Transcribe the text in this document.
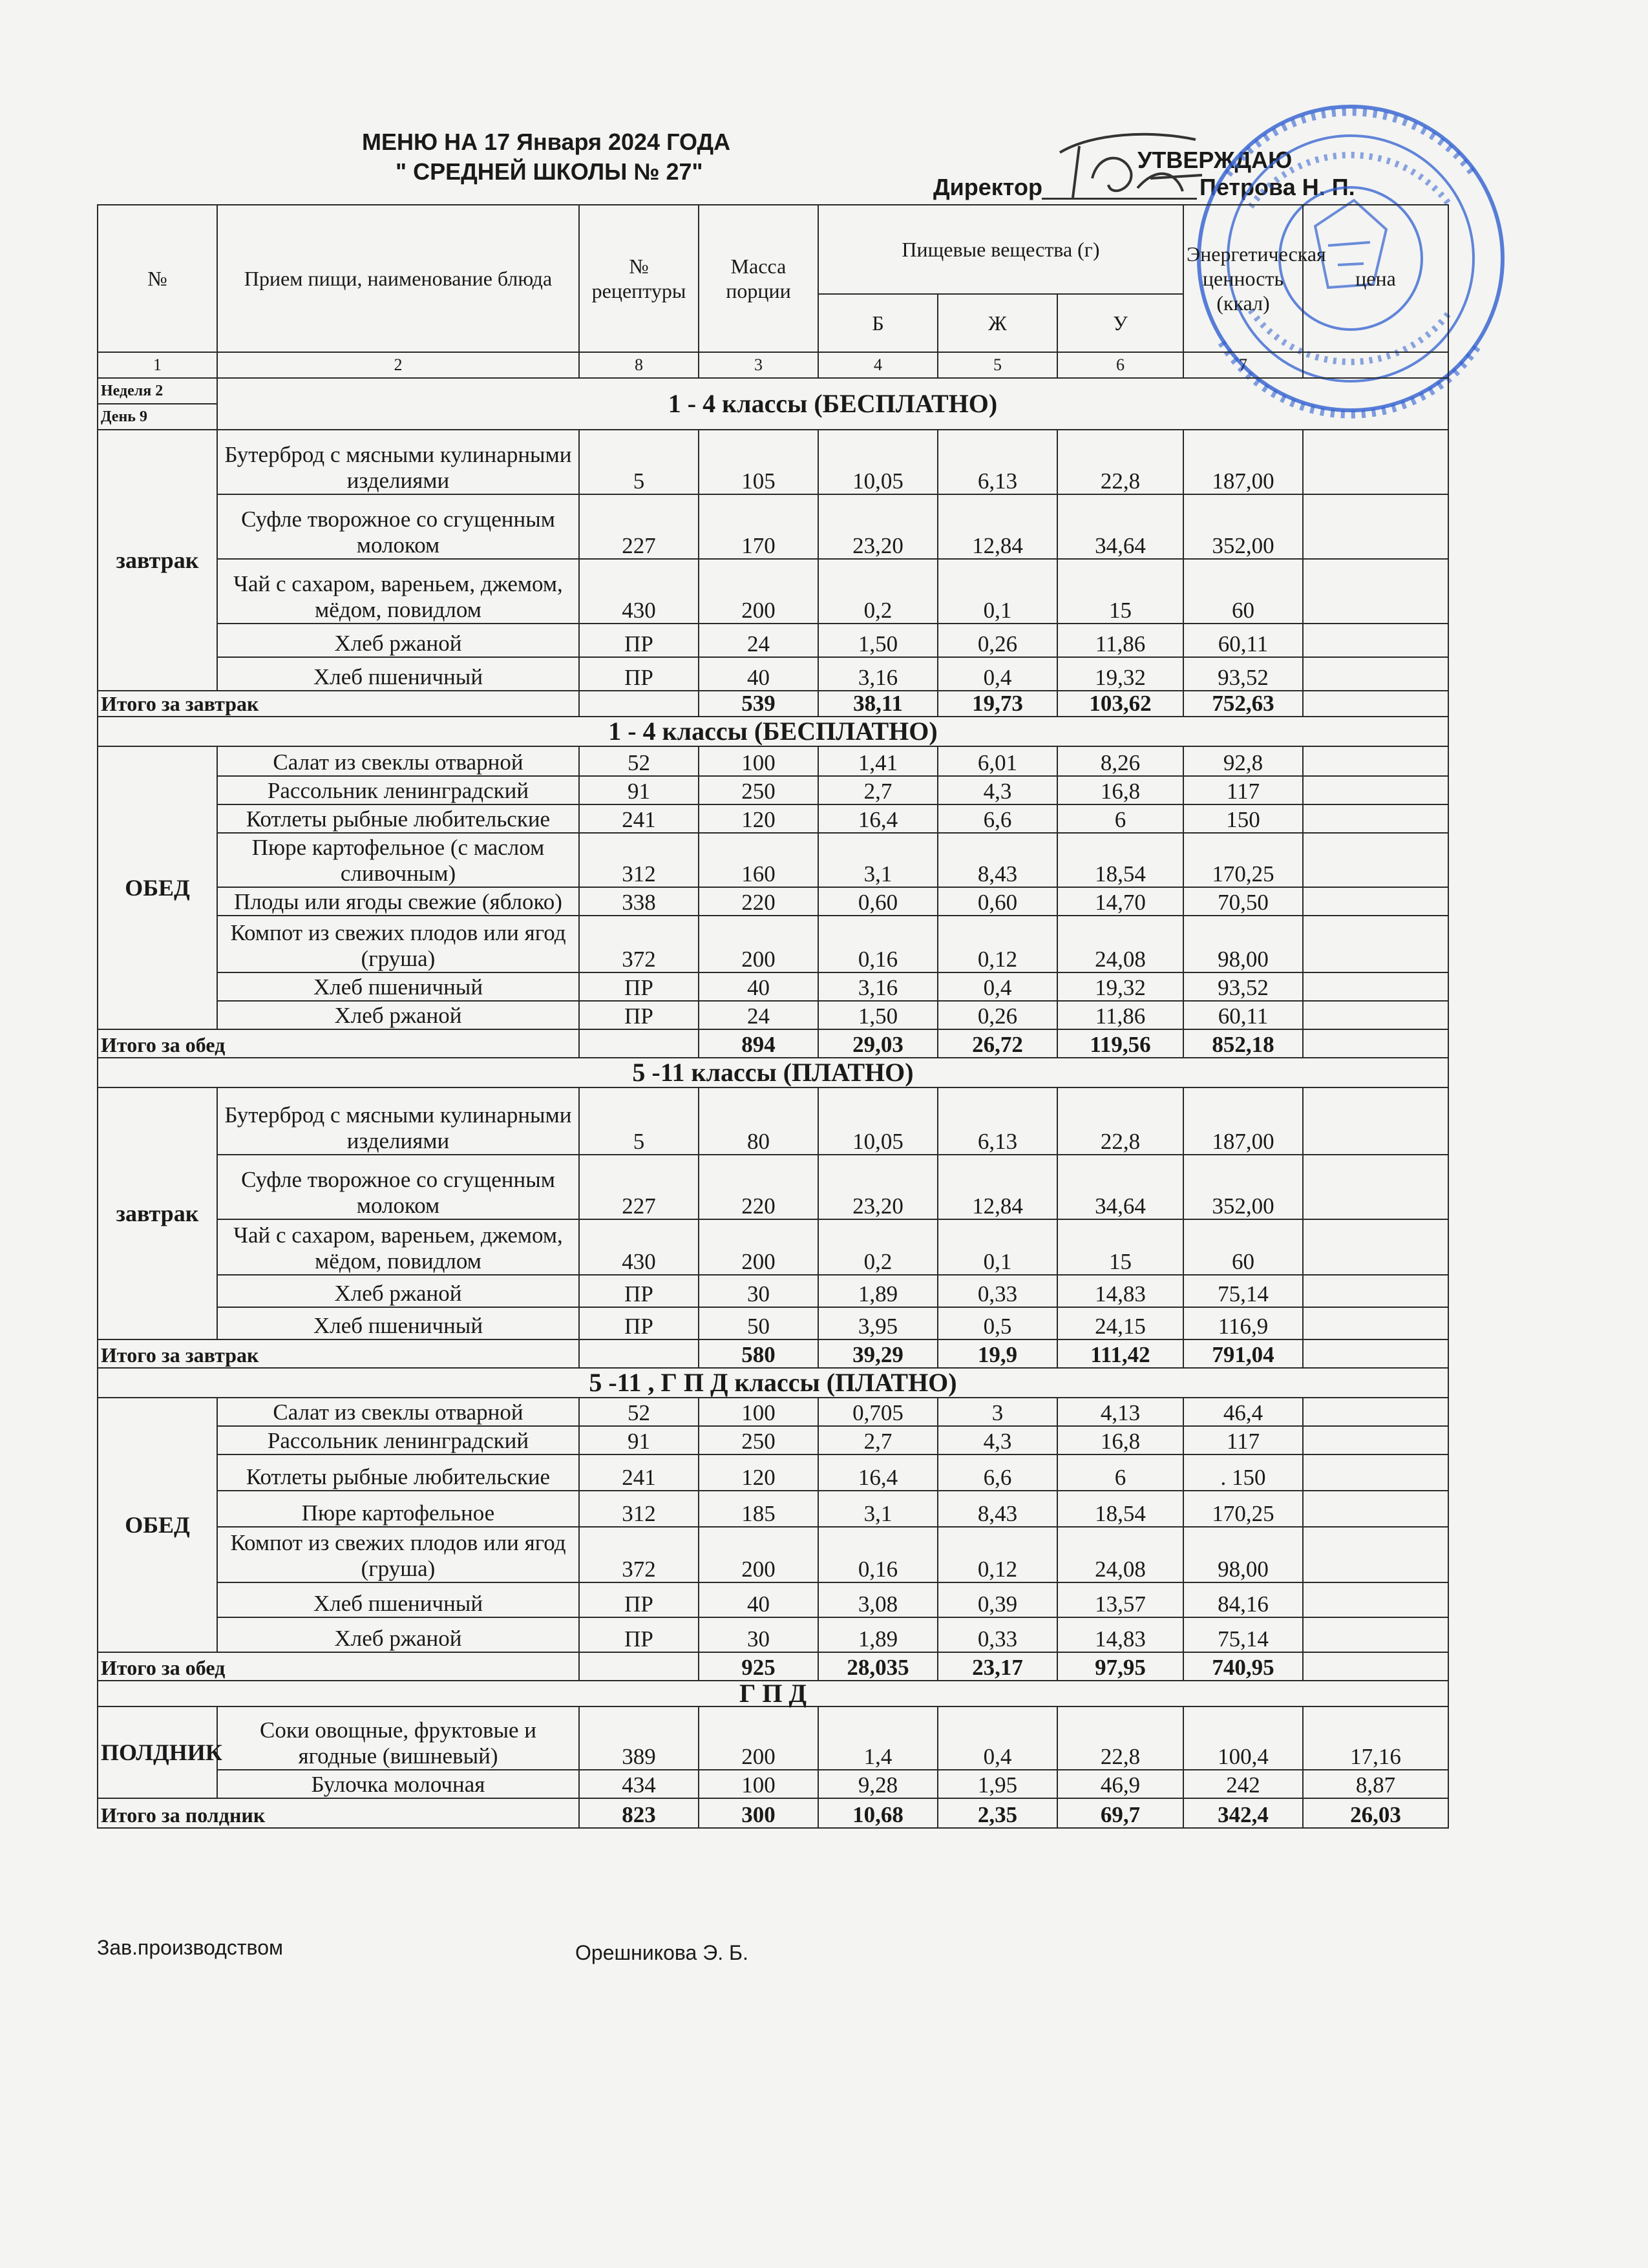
МЕНЮ НА 17 Января 2024 ГОДА
" СРЕДНЕЙ ШКОЛЫ № 27"	УТВЕРЖДАЮ
Директор	Петрова Н. П.
№	Прием пищи, наименование блюда	№ рецептуры	Масса порции	Пищевые вещества (г)			Энергетическая ценность (ккал)	цена
				Б	Ж	У		
1	2	8	3	4	5	6	7	
Неделя 2	1 - 4 классы (БЕСПЛАТНО)							
День 9								
завтрак	Бутерброд с мясными кулинарными изделиями	5	105	10,05	6,13	22,8	187,00	
	Суфле творожное со сгущенным молоком	227	170	23,20	12,84	34,64	352,00	
	Чай с сахаром, вареньем, джемом, мёдом, повидлом	430	200	0,2	0,1	15	60	
	Хлеб ржаной	ПР	24	1,50	0,26	11,86	60,11	
	Хлеб пшеничный	ПР	40	3,16	0,4	19,32	93,52	
Итого за завтрак			539	38,11	19,73	103,62	752,63	
1 - 4 классы (БЕСПЛАТНО)								
ОБЕД	Салат из свеклы отварной	52	100	1,41	6,01	8,26	92,8	
	Рассольник ленинградский	91	250	2,7	4,3	16,8	117	
	Котлеты рыбные любительские	241	120	16,4	6,6	6	150	
	Пюре картофельное (с маслом сливочным)	312	160	3,1	8,43	18,54	170,25	
	Плоды или ягоды свежие (яблоко)	338	220	0,60	0,60	14,70	70,50	
	Компот из свежих плодов или ягод (груша)	372	200	0,16	0,12	24,08	98,00	
	Хлеб пшеничный	ПР	40	3,16	0,4	19,32	93,52	
	Хлеб ржаной	ПР	24	1,50	0,26	11,86	60,11	
Итого за обед			894	29,03	26,72	119,56	852,18	
5 -11 классы (ПЛАТНО)								
завтрак	Бутерброд с мясными кулинарными изделиями	5	80	10,05	6,13	22,8	187,00	
	Суфле творожное со сгущенным молоком	227	220	23,20	12,84	34,64	352,00	
	Чай с сахаром, вареньем, джемом, мёдом, повидлом	430	200	0,2	0,1	15	60	
	Хлеб ржаной	ПР	30	1,89	0,33	14,83	75,14	
	Хлеб пшеничный	ПР	50	3,95	0,5	24,15	116,9	
Итого за завтрак			580	39,29	19,9	111,42	791,04	
5 -11 , Г П Д классы (ПЛАТНО)								
ОБЕД	Салат из свеклы отварной	52	100	0,705	3	4,13	46,4	
	Рассольник ленинградский	91	250	2,7	4,3	16,8	117	
	Котлеты рыбные любительские	241	120	16,4	6,6	6	. 150	
	Пюре картофельное	312	185	3,1	8,43	18,54	170,25	
	Компот из свежих плодов или ягод (груша)	372	200	0,16	0,12	24,08	98,00	
	Хлеб пшеничный	ПР	40	3,08	0,39	13,57	84,16	
	Хлеб ржаной	ПР	30	1,89	0,33	14,83	75,14	
Итого за обед			925	28,035	23,17	97,95	740,95	
Г П Д								
ПОЛДНИК	Соки овощные, фруктовые и ягодные (вишневый)	389	200	1,4	0,4	22,8	100,4	17,16
	Булочка молочная	434	100	9,28	1,95	46,9	242	8,87
Итого за полдник		823	300	10,68	2,35	69,7	342,4	26,03
Зав.производством	Орешникова Э. Б.
